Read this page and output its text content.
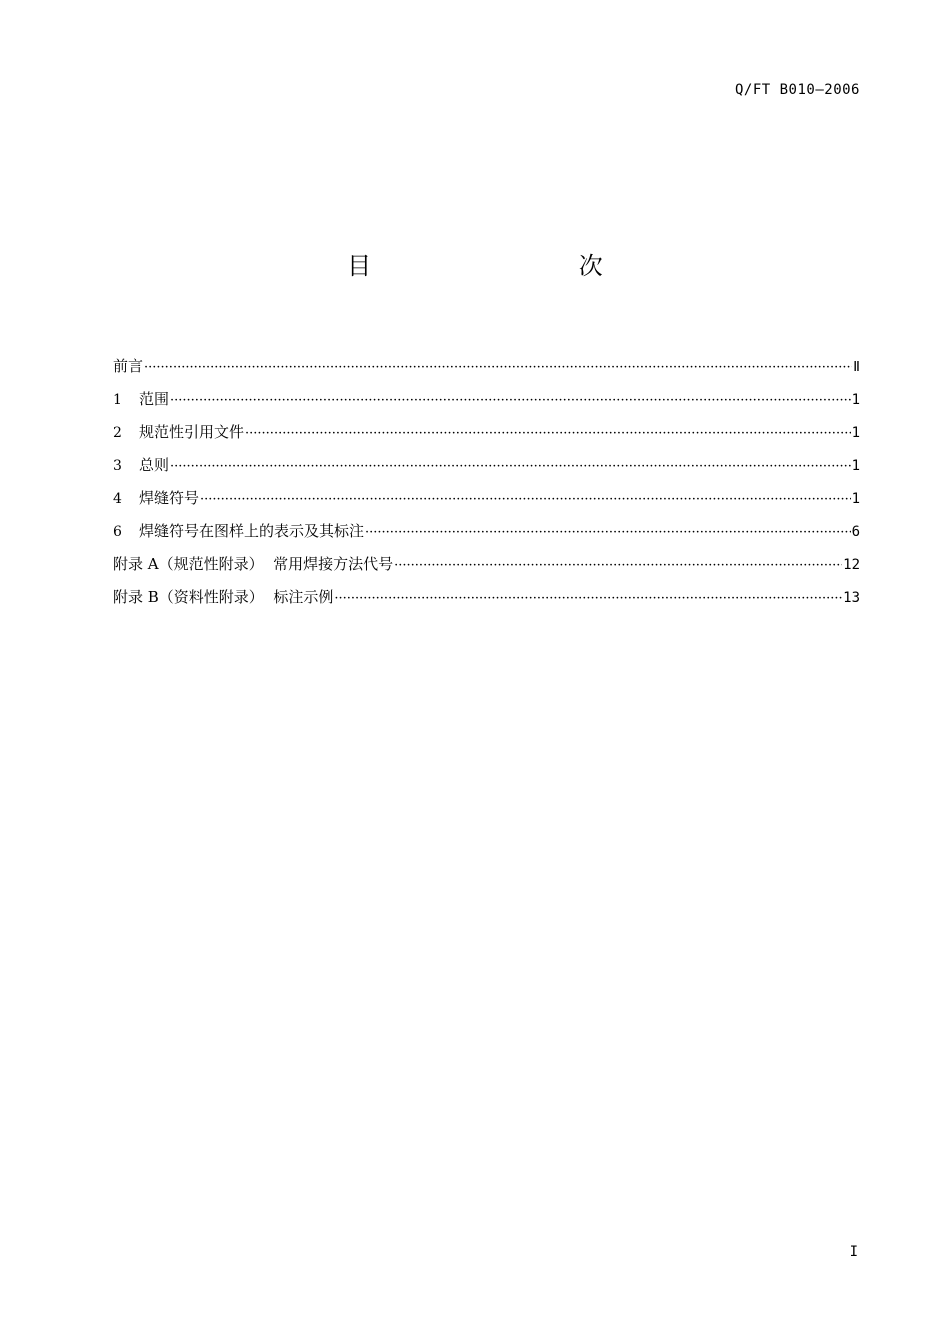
Q/FT B010—2006
目 次
前言 ·····	Ⅱ
1	范围 ·····	1
2	规范性引用文件 ·····	1
3	总则 ·····	1
4	焊缝符号 ·····	1
6	焊缝符号在图样上的表示及其标注 ·····	6
附录 A（规范性附录）  常用焊接方法代号 ·····	12
附录 B（资料性附录）  标注示例 ·····	13
I
